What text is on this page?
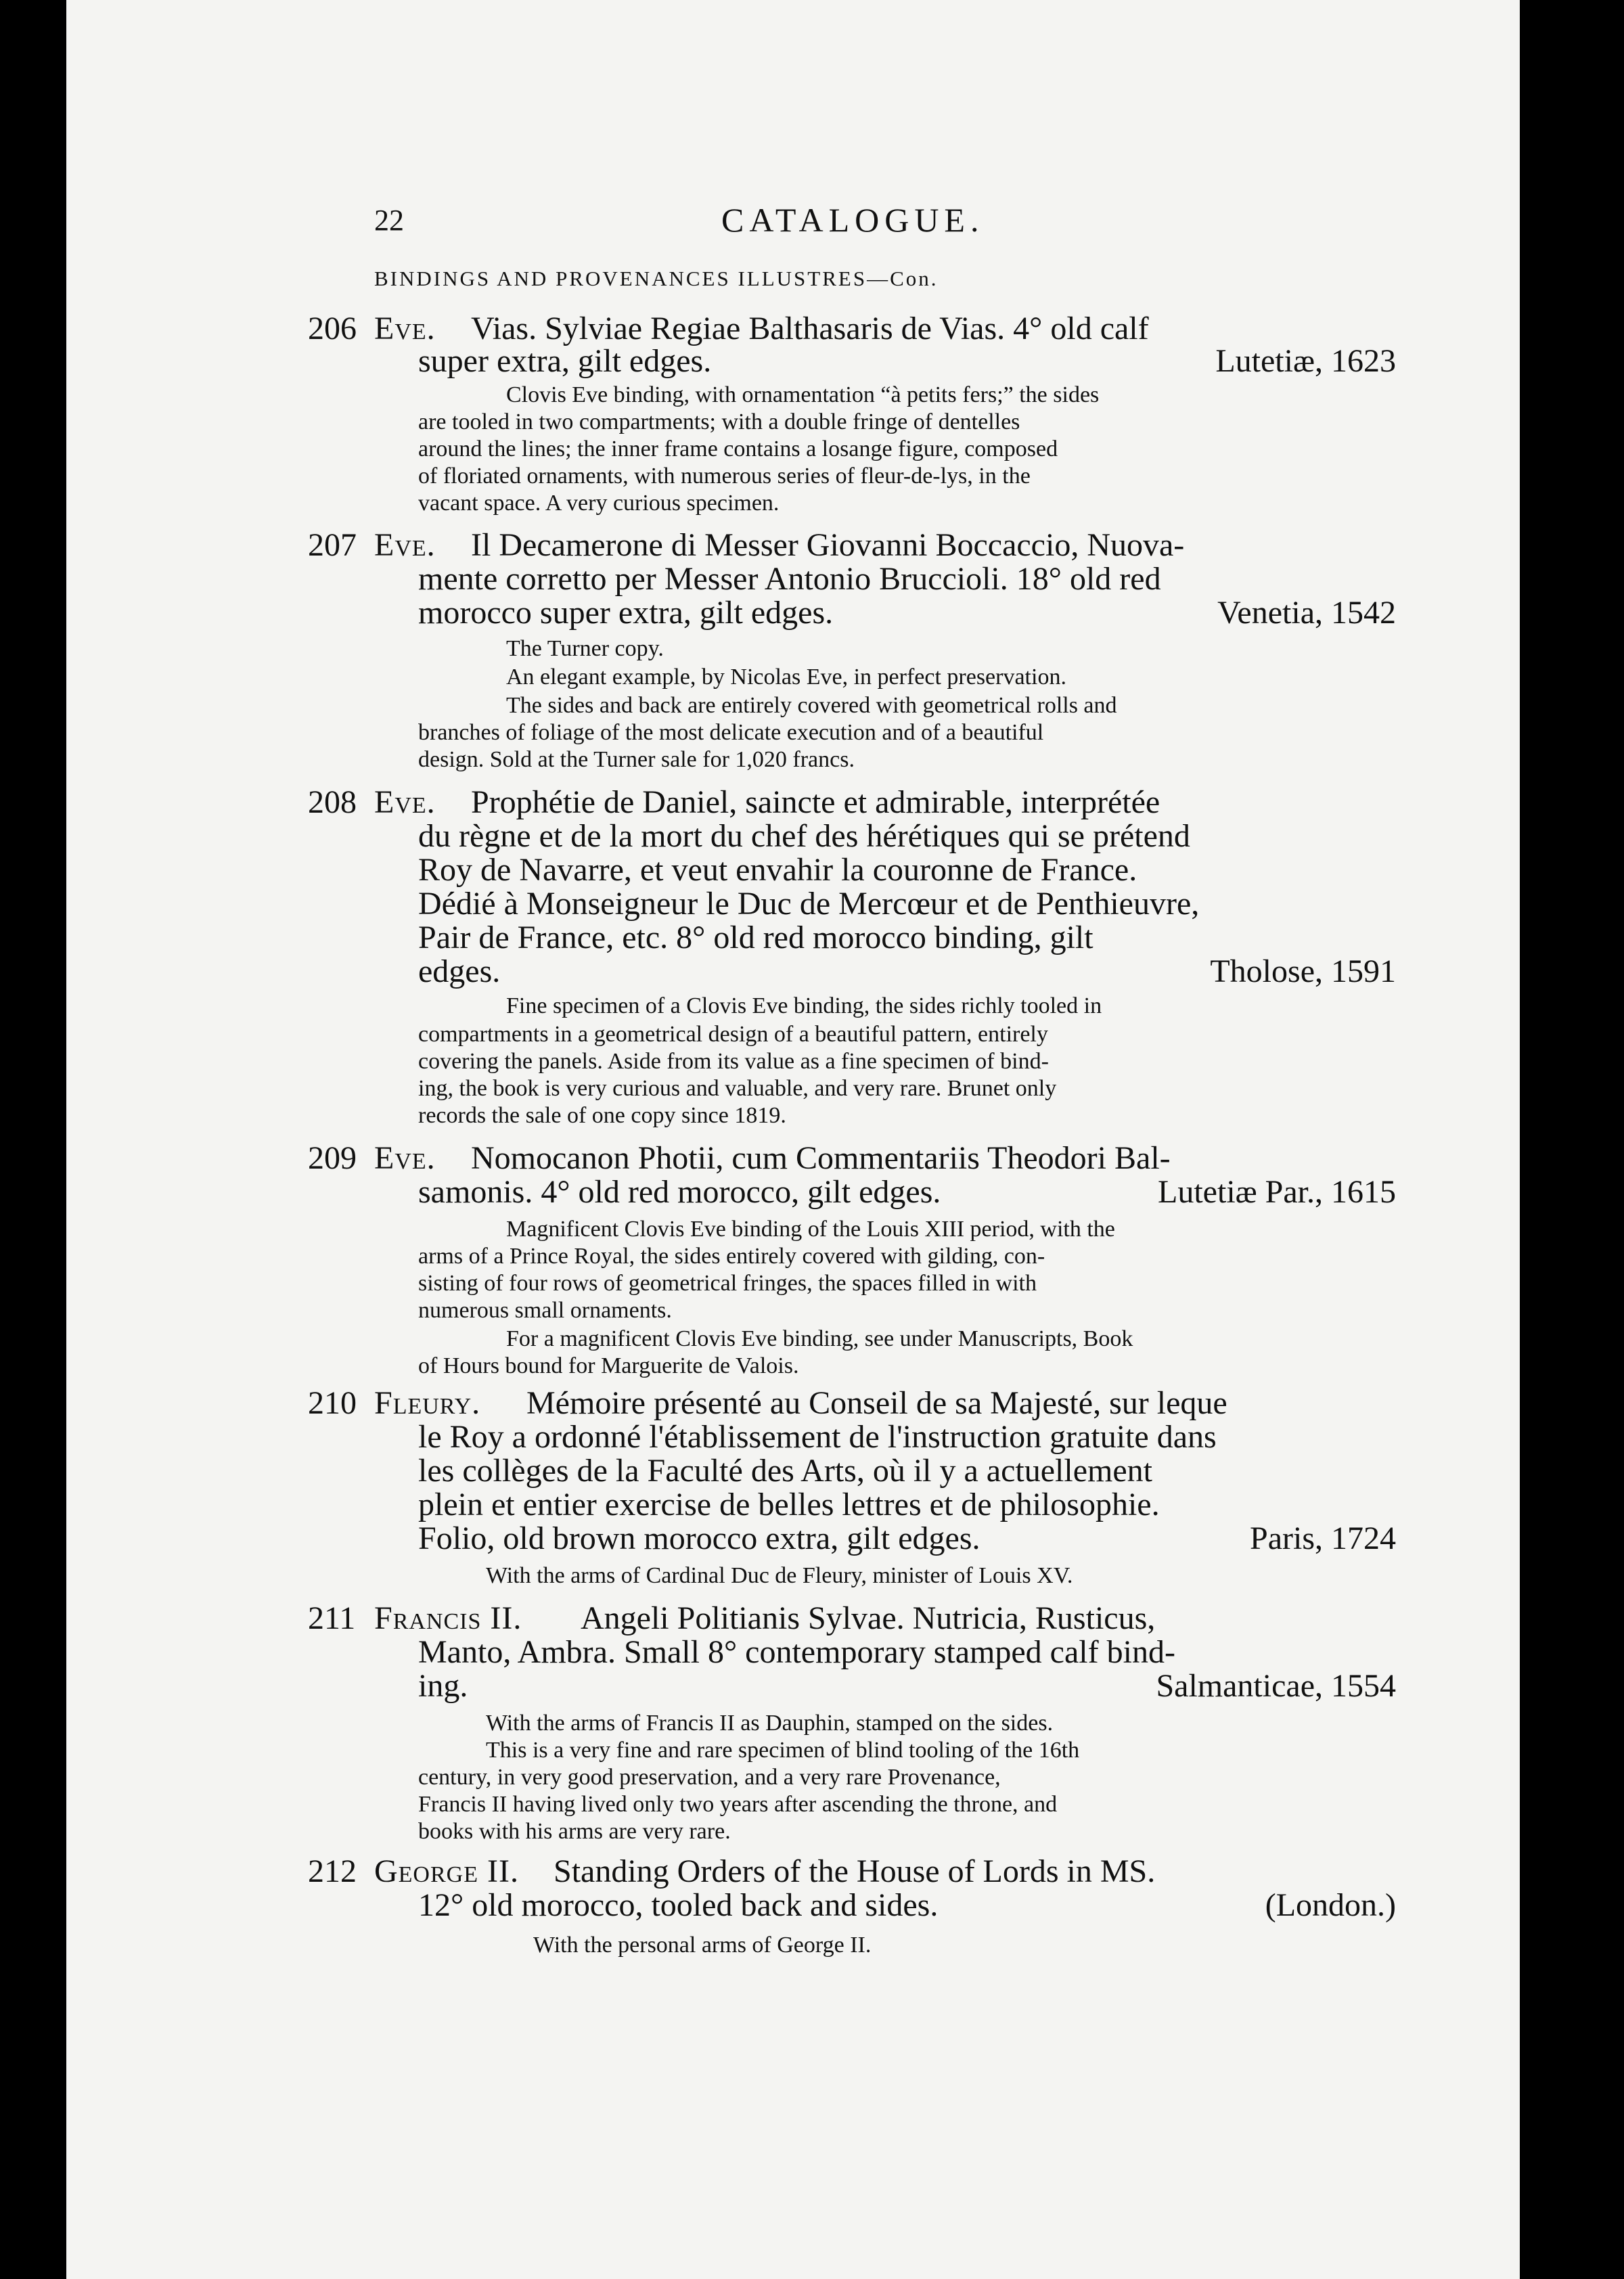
22	CATALOGUE.
BINDINGS AND PROVENANCES ILLUSTRES—Con.
206 Eve. Vias. Sylviae Regiae Balthasaris de Vias. 4° old calf
super extra, gilt edges.	Lutetiæ, 1623
Clovis Eve binding, with ornamentation “à petits fers;” the sides
are tooled in two compartments; with a double fringe of dentelles
around the lines; the inner frame contains a losange figure, composed
of floriated ornaments, with numerous series of fleur-de-lys, in the
vacant space. A very curious specimen.
207 Eve. Il Decamerone di Messer Giovanni Boccaccio, Nuova-
mente corretto per Messer Antonio Bruccioli. 18° old red
morocco super extra, gilt edges.	Venetia, 1542
The Turner copy.
An elegant example, by Nicolas Eve, in perfect preservation.
The sides and back are entirely covered with geometrical rolls and
branches of foliage of the most delicate execution and of a beautiful
design. Sold at the Turner sale for 1,020 francs.
208 Eve. Prophétie de Daniel, saincte et admirable, interprétée
du règne et de la mort du chef des hérétiques qui se prétend
Roy de Navarre, et veut envahir la couronne de France.
Dédié à Monseigneur le Duc de Mercœur et de Penthieuvre,
Pair de France, etc. 8° old red morocco binding, gilt
edges.	Tholose, 1591
Fine specimen of a Clovis Eve binding, the sides richly tooled in
compartments in a geometrical design of a beautiful pattern, entirely
covering the panels. Aside from its value as a fine specimen of bind-
ing, the book is very curious and valuable, and very rare. Brunet only
records the sale of one copy since 1819.
209 Eve. Nomocanon Photii, cum Commentariis Theodori Bal-
samonis. 4° old red morocco, gilt edges.	Lutetiæ Par., 1615
Magnificent Clovis Eve binding of the Louis XIII period, with the
arms of a Prince Royal, the sides entirely covered with gilding, con-
sisting of four rows of geometrical fringes, the spaces filled in with
numerous small ornaments.
For a magnificent Clovis Eve binding, see under Manuscripts, Book
of Hours bound for Marguerite de Valois.
210 Fleury. Mémoire présenté au Conseil de sa Majesté, sur leque
le Roy a ordonné l'établissement de l'instruction gratuite dans
les collèges de la Faculté des Arts, où il y a actuellement
plein et entier exercise de belles lettres et de philosophie.
Folio, old brown morocco extra, gilt edges.	Paris, 1724
With the arms of Cardinal Duc de Fleury, minister of Louis XV.
211 Francis II. Angeli Politianis Sylvae. Nutricia, Rusticus,
Manto, Ambra. Small 8° contemporary stamped calf bind-
ing.	Salmanticae, 1554
With the arms of Francis II as Dauphin, stamped on the sides.
This is a very fine and rare specimen of blind tooling of the 16th
century, in very good preservation, and a very rare Provenance,
Francis II having lived only two years after ascending the throne, and
books with his arms are very rare.
212 George II. Standing Orders of the House of Lords in MS.
12° old morocco, tooled back and sides.	(London.)
With the personal arms of George II.
